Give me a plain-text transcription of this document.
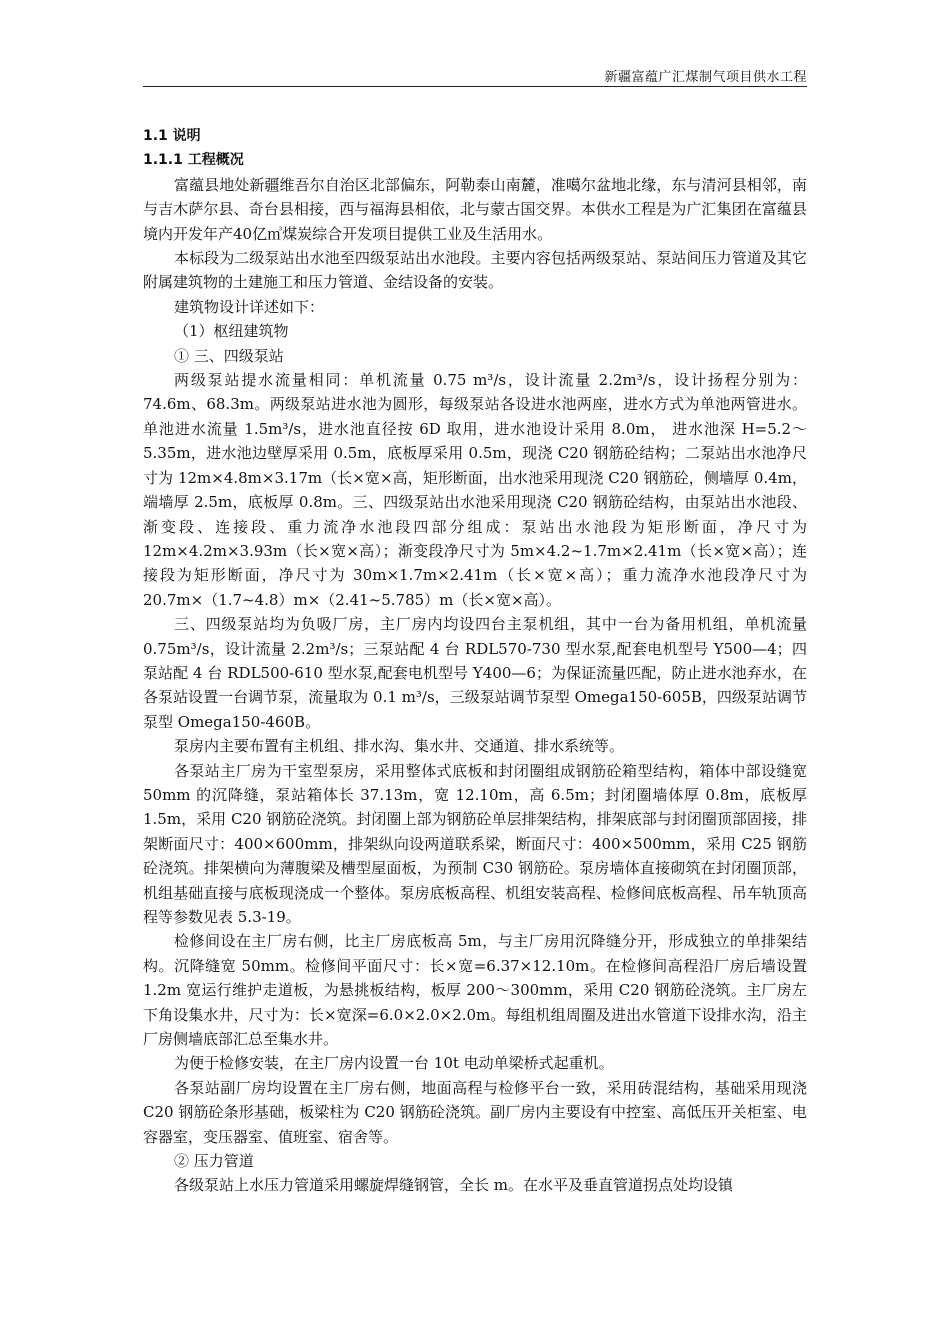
新疆富蕴广汇煤制气项目供水工程

1.1 说明

1.1.1 工程概况

富蕴县地处新疆维吾尔自治区北部偏东，阿勒泰山南麓，准噶尔盆地北缘，东与清河县相邻，南与吉木萨尔县、奇台县相接，西与福海县相依，北与蒙古国交界。本供水工程是为广汇集团在富蕴县境内开发年产40亿㎥煤炭综合开发项目提供工业及生活用水。

本标段为二级泵站出水池至四级泵站出水池段。主要内容包括两级泵站、泵站间压力管道及其它附属建筑物的土建施工和压力管道、金结设备的安装。

建筑物设计详述如下：

（1）枢纽建筑物

① 三、四级泵站

两级泵站提水流量相同：单机流量 0.75 m³/s，设计流量 2.2m³/s，设计扬程分别为：74.6m、68.3m。两级泵站进水池为圆形，每级泵站各设进水池两座，进水方式为单池两管进水。单池进水流量 1.5m³/s，进水池直径按 6D 取用，进水池设计采用 8.0m， 进水池深 H=5.2～5.35m，进水池边壁厚采用 0.5m，底板厚采用 0.5m，现浇 C20 钢筋砼结构；二泵站出水池净尺寸为 12m×4.8m×3.17m（长×宽×高，矩形断面，出水池采用现浇 C20 钢筋砼，侧墙厚 0.4m，端墙厚 2.5m，底板厚 0.8m。三、四级泵站出水池采用现浇 C20 钢筋砼结构，由泵站出水池段、渐变段、连接段、重力流净水池段四部分组成：泵站出水池段为矩形断面，净尺寸为 12m×4.2m×3.93m（长×宽×高）；渐变段净尺寸为 5m×4.2~1.7m×2.41m（长×宽×高）；连接段为矩形断面，净尺寸为 30m×1.7m×2.41m（长×宽×高）；重力流净水池段净尺寸为 20.7m×（1.7~4.8）m×（2.41~5.785）m（长×宽×高）。

三、四级泵站均为负吸厂房，主厂房内均设四台主泵机组，其中一台为备用机组，单机流量 0.75m³/s，设计流量 2.2m³/s；三泵站配 4 台 RDL570-730 型水泵,配套电机型号 Y500—4；四泵站配 4 台 RDL500-610 型水泵,配套电机型号 Y400—6；为保证流量匹配，防止进水池弃水，在各泵站设置一台调节泵，流量取为 0.1 m³/s，三级泵站调节泵型 Omega150-605B，四级泵站调节泵型 Omega150-460B。

泵房内主要布置有主机组、排水沟、集水井、交通道、排水系统等。

各泵站主厂房为干室型泵房，采用整体式底板和封闭圈组成钢筋砼箱型结构，箱体中部设缝宽 50mm 的沉降缝，泵站箱体长 37.13m，宽 12.10m，高 6.5m；封闭圈墙体厚 0.8m，底板厚 1.5m，采用 C20 钢筋砼浇筑。封闭圈上部为钢筋砼单层排架结构，排架底部与封闭圈顶部固接，排架断面尺寸：400×600mm，排架纵向设两道联系梁，断面尺寸：400×500mm，采用 C25 钢筋砼浇筑。排架横向为薄腹梁及槽型屋面板，为预制 C30 钢筋砼。泵房墙体直接砌筑在封闭圈顶部，机组基础直接与底板现浇成一个整体。泵房底板高程、机组安装高程、检修间底板高程、吊车轨顶高程等参数见表 5.3-19。

检修间设在主厂房右侧，比主厂房底板高 5m，与主厂房用沉降缝分开，形成独立的单排架结构。沉降缝宽 50mm。检修间平面尺寸：长×宽=6.37×12.10m。在检修间高程沿厂房后墙设置 1.2m 宽运行维护走道板，为悬挑板结构，板厚 200～300mm，采用 C20 钢筋砼浇筑。主厂房左下角设集水井，尺寸为：长×宽深=6.0×2.0×2.0m。每组机组周圈及进出水管道下设排水沟，沿主厂房侧墙底部汇总至集水井。

为便于检修安装，在主厂房内设置一台 10t 电动单梁桥式起重机。

各泵站副厂房均设置在主厂房右侧，地面高程与检修平台一致，采用砖混结构，基础采用现浇 C20 钢筋砼条形基础，板梁柱为 C20 钢筋砼浇筑。副厂房内主要设有中控室、高低压开关柜室、电容器室，变压器室、值班室、宿舍等。

② 压力管道

各级泵站上水压力管道采用螺旋焊缝钢管，全长 m。在水平及垂直管道拐点处均设镇
